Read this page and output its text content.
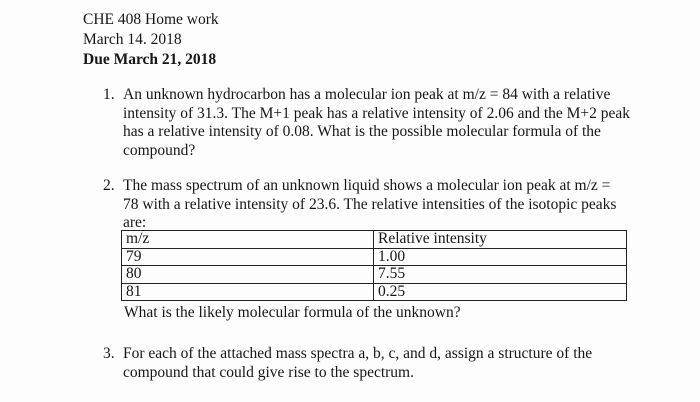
CHE 408 Home work
March 14. 2018
Due March 21, 2018
1. An unknown hydrocarbon has a molecular ion peak at m/z = 84 with a relative intensity of 31.3. The M+1 peak has a relative intensity of 2.06 and the M+2 peak has a relative intensity of 0.08. What is the possible molecular formula of the compound?
2. The mass spectrum of an unknown liquid shows a molecular ion peak at m/z = 78 with a relative intensity of 23.6. The relative intensities of the isotopic peaks are:
m/z	Relative intensity
79	1.00
80	7.55
81	0.25
What is the likely molecular formula of the unknown?
3. For each of the attached mass spectra a, b, c, and d, assign a structure of the compound that could give rise to the spectrum.
